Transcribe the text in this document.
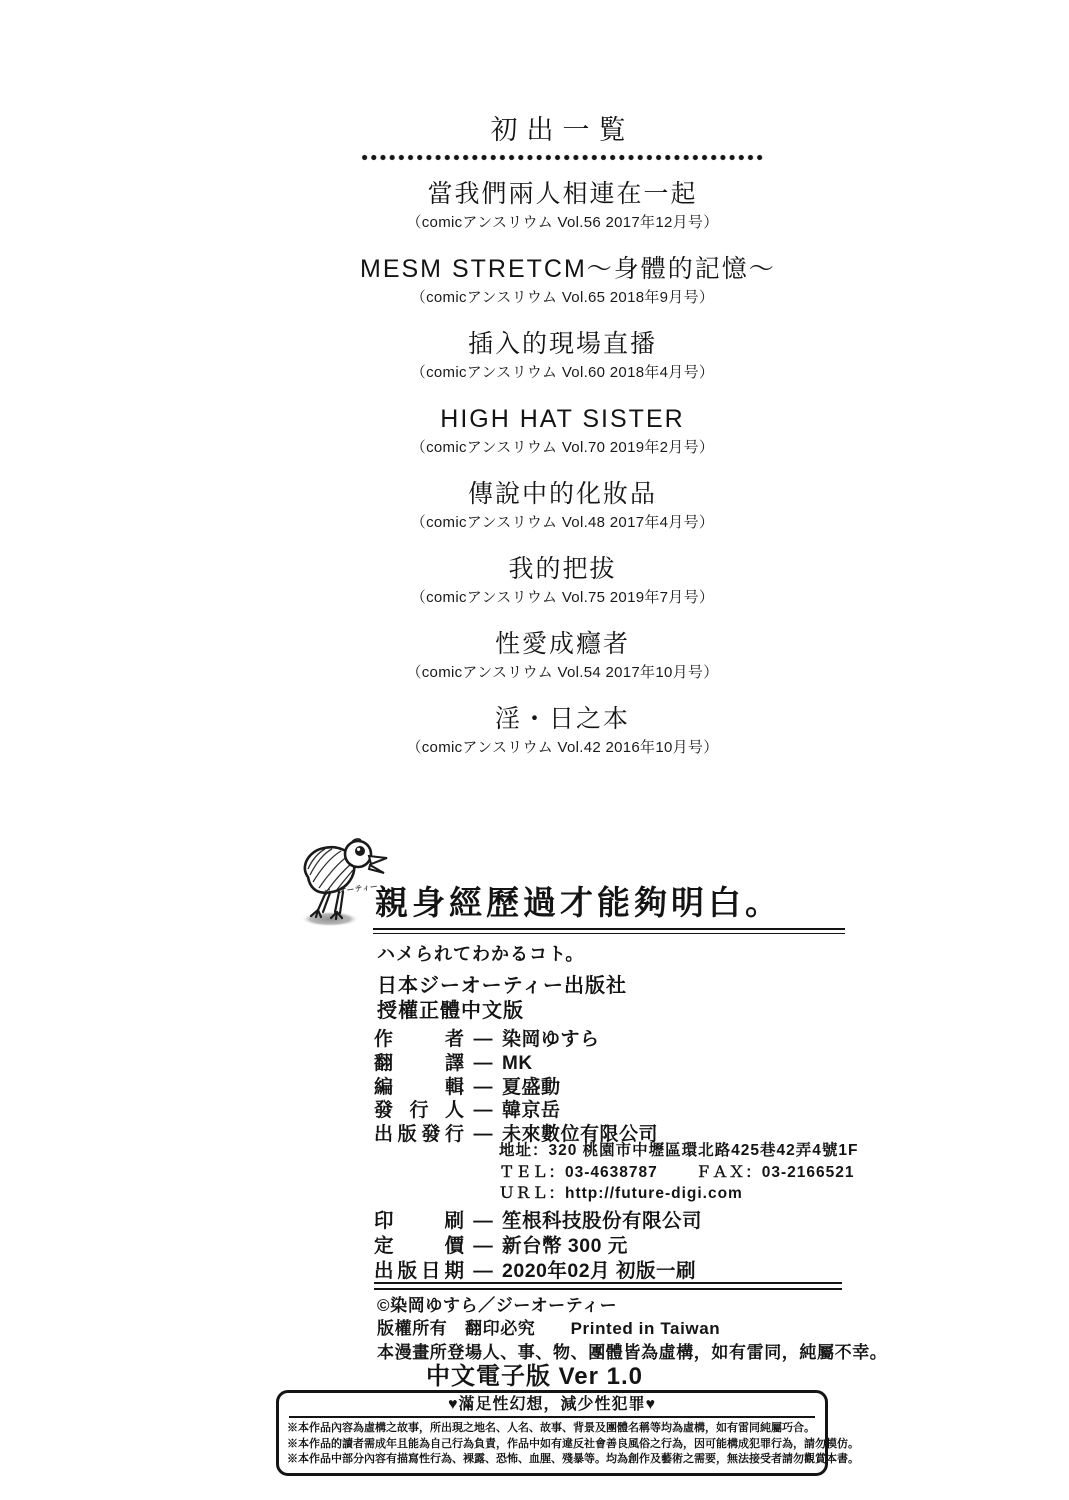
初出一覧
當我們兩人相連在一起
（comicアンスリウム Vol.56 2017年12月号）
MESM STRETCM～身體的記憶～
（comicアンスリウム Vol.65 2018年9月号）
插入的現場直播
（comicアンスリウム Vol.60 2018年4月号）
HIGH HAT SISTER
（comicアンスリウム Vol.70 2019年2月号）
傳說中的化妝品
（comicアンスリウム Vol.48 2017年4月号）
我的把拔
（comicアンスリウム Vol.75 2019年7月号）
性愛成癮者
（comicアンスリウム Vol.54 2017年10月号）
淫・日之本
（comicアンスリウム Vol.42 2016年10月号）
ジーオーティー
親身經歷過才能夠明白。
ハメられてわかるコト。
日本ジーオーティー出版社
授權正體中文版
作者 — 染岡ゆすら
翻譯 — MK
編輯 — 夏盛動
發行人 — 韓京岳
出版發行 — 未來數位有限公司
地址：320 桃園市中壢區環北路425巷42弄4號1F
ＴＥＬ：03-4638787 ＦＡＸ：03-2166521
ＵＲＬ：http://future-digi.com
印刷 — 笙根科技股份有限公司
定價 — 新台幣 300 元
出版日期 — 2020年02月 初版一刷
©染岡ゆすら／ジーオーティー
版權所有　翻印必究　　Printed in Taiwan
本漫畫所登場人、事、物、團體皆為虛構，如有雷同，純屬不幸。
中文電子版 Ver 1.0
♥滿足性幻想，減少性犯罪♥
※本作品內容為虛構之故事，所出現之地名、人名、故事、背景及團體名稱等均為虛構，如有雷同純屬巧合。
※本作品的讀者需成年且能為自己行為負責，作品中如有違反社會善良風俗之行為，因可能構成犯罪行為，請勿模仿。
※本作品中部分內容有描寫性行為、裸露、恐怖、血腥、殘暴等。均為創作及藝術之需要，無法接受者請勿觀賞本書。
